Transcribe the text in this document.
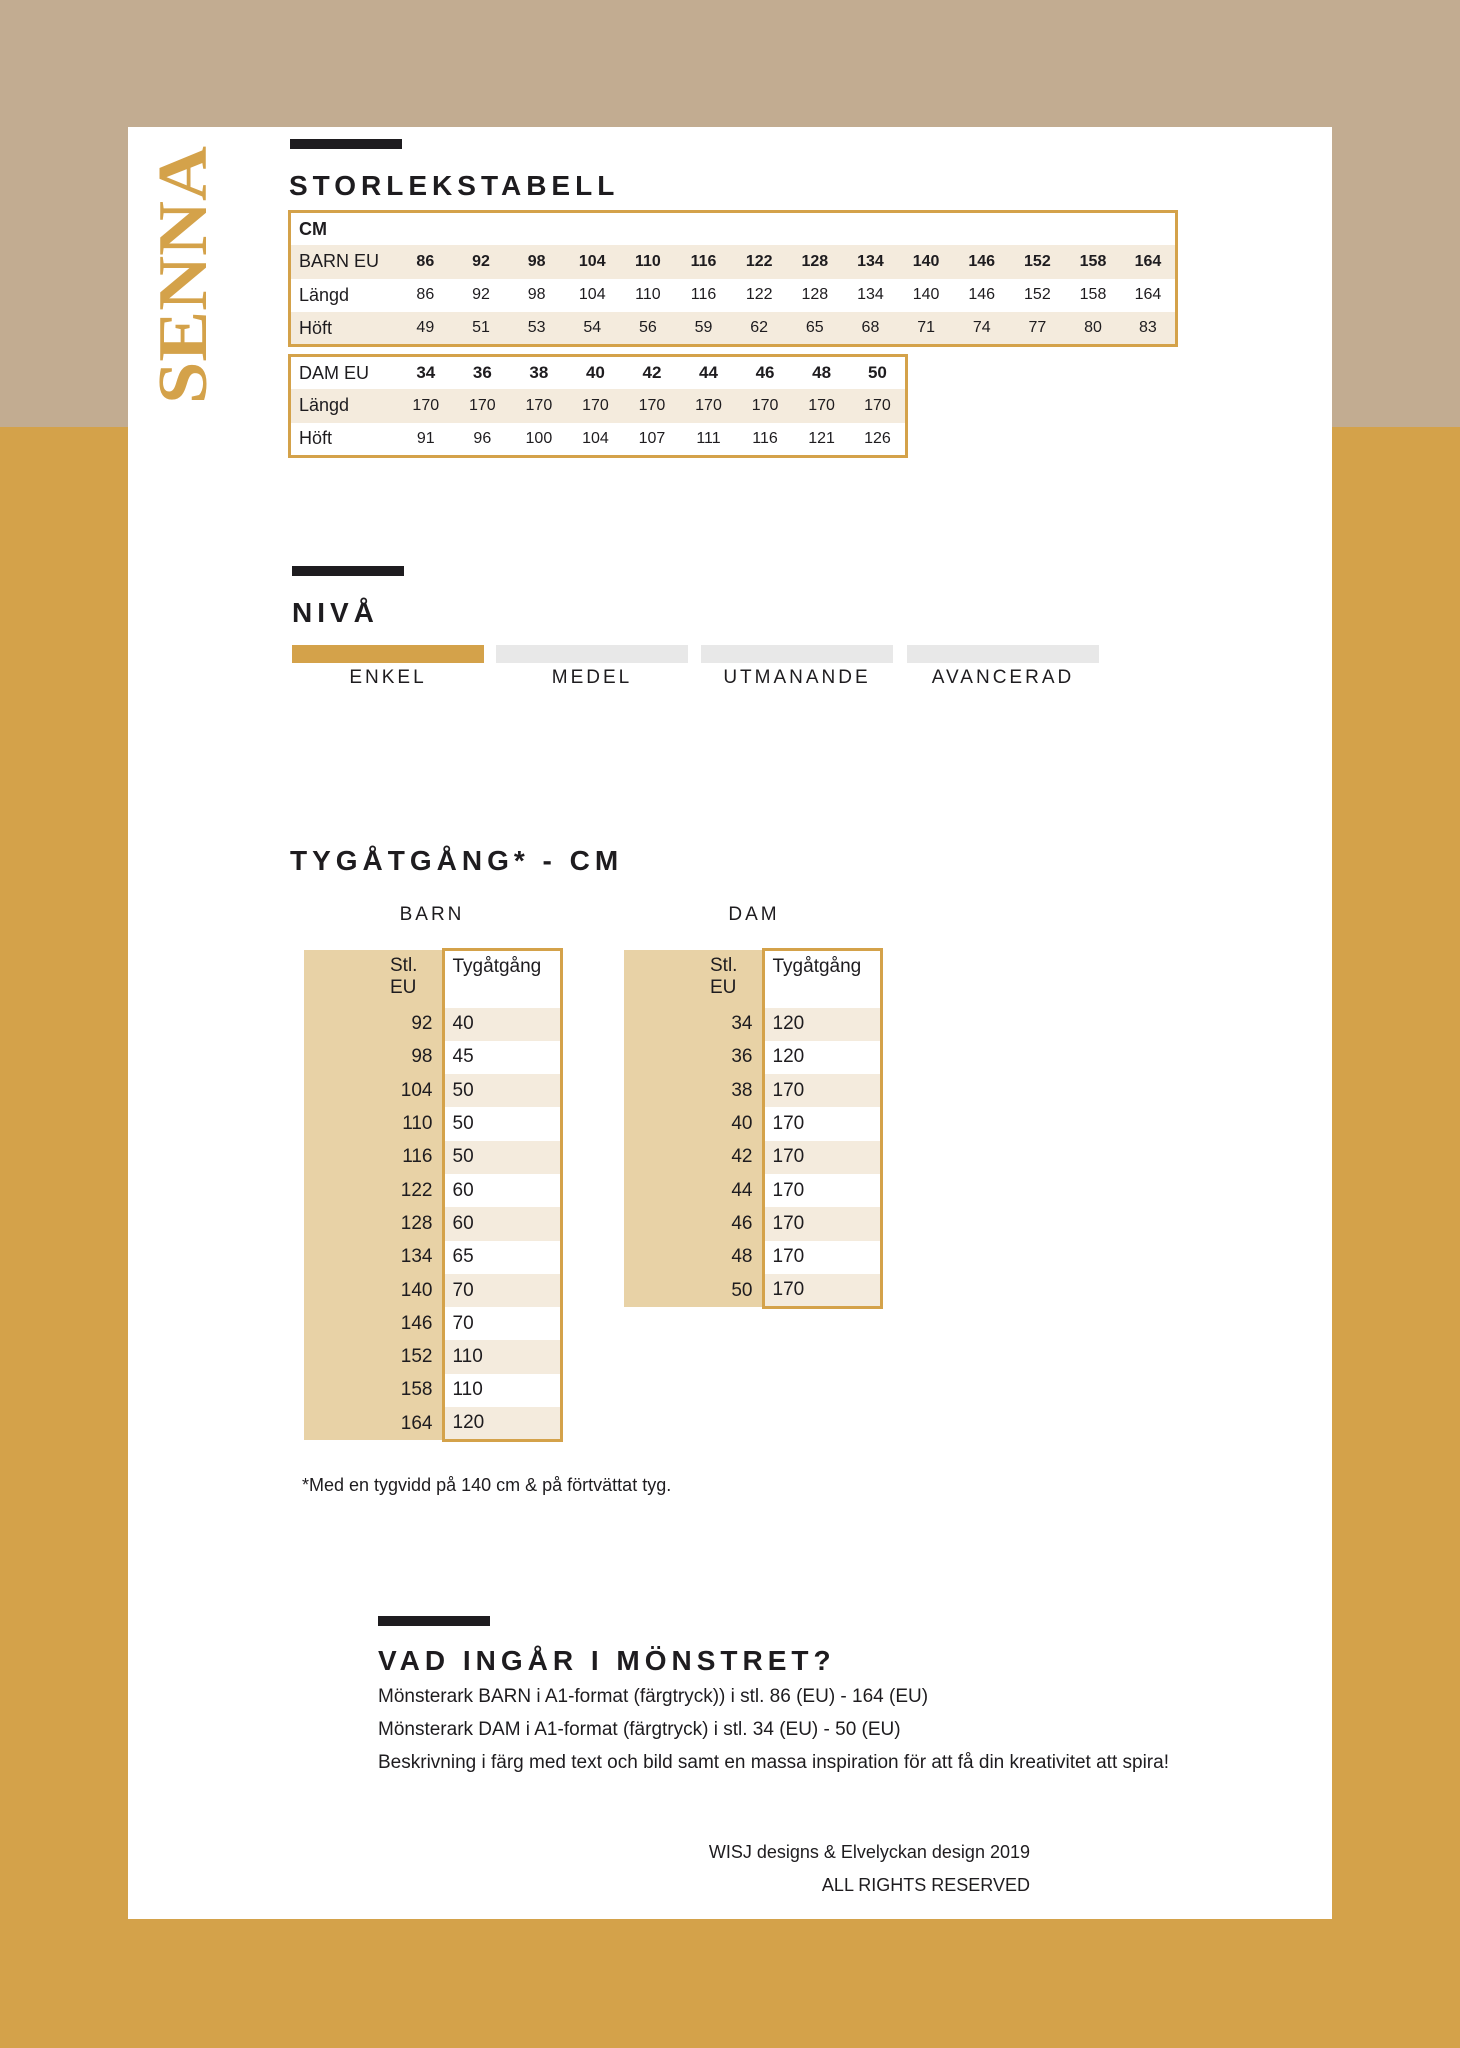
SENNA STORLEKSTABELL
CM														
BARN EU	86	92	98	104	110	116	122	128	134	140	146	152	158	164
Längd	86	92	98	104	110	116	122	128	134	140	146	152	158	164
Höft	49	51	53	54	56	59	62	65	68	71	74	77	80	83
DAM EU	34	36	38	40	42	44	46	48	50
Längd	170	170	170	170	170	170	170	170	170
Höft	91	96	100	104	107	111	116	121	126
NIVÅ
ENKEL	MEDEL	UTMANANDE	AVANCERAD
TYGÅTGÅNG* - CM
BARN	DAM
Stl.
EU	Tygåtgång
92	40
98	45
104	50
110	50
116	50
122	60
128	60
134	65
140	70
146	70
152	110
158	110
164	120
Stl.
EU	Tygåtgång
34	120
36	120
38	170
40	170
42	170
44	170
46	170
48	170
50	170
*Med en tygvidd på 140 cm & på förtvättat tyg.
VAD INGÅR I MÖNSTRET?
Mönsterark BARN i A1-format (färgtryck)) i stl. 86 (EU) - 164 (EU)
Mönsterark DAM i A1-format (färgtryck) i stl. 34 (EU) - 50 (EU)
Beskrivning i färg med text och bild samt en massa inspiration för att få din kreativitet att spira!
WISJ designs & Elvelyckan design 2019
ALL RIGHTS RESERVED
